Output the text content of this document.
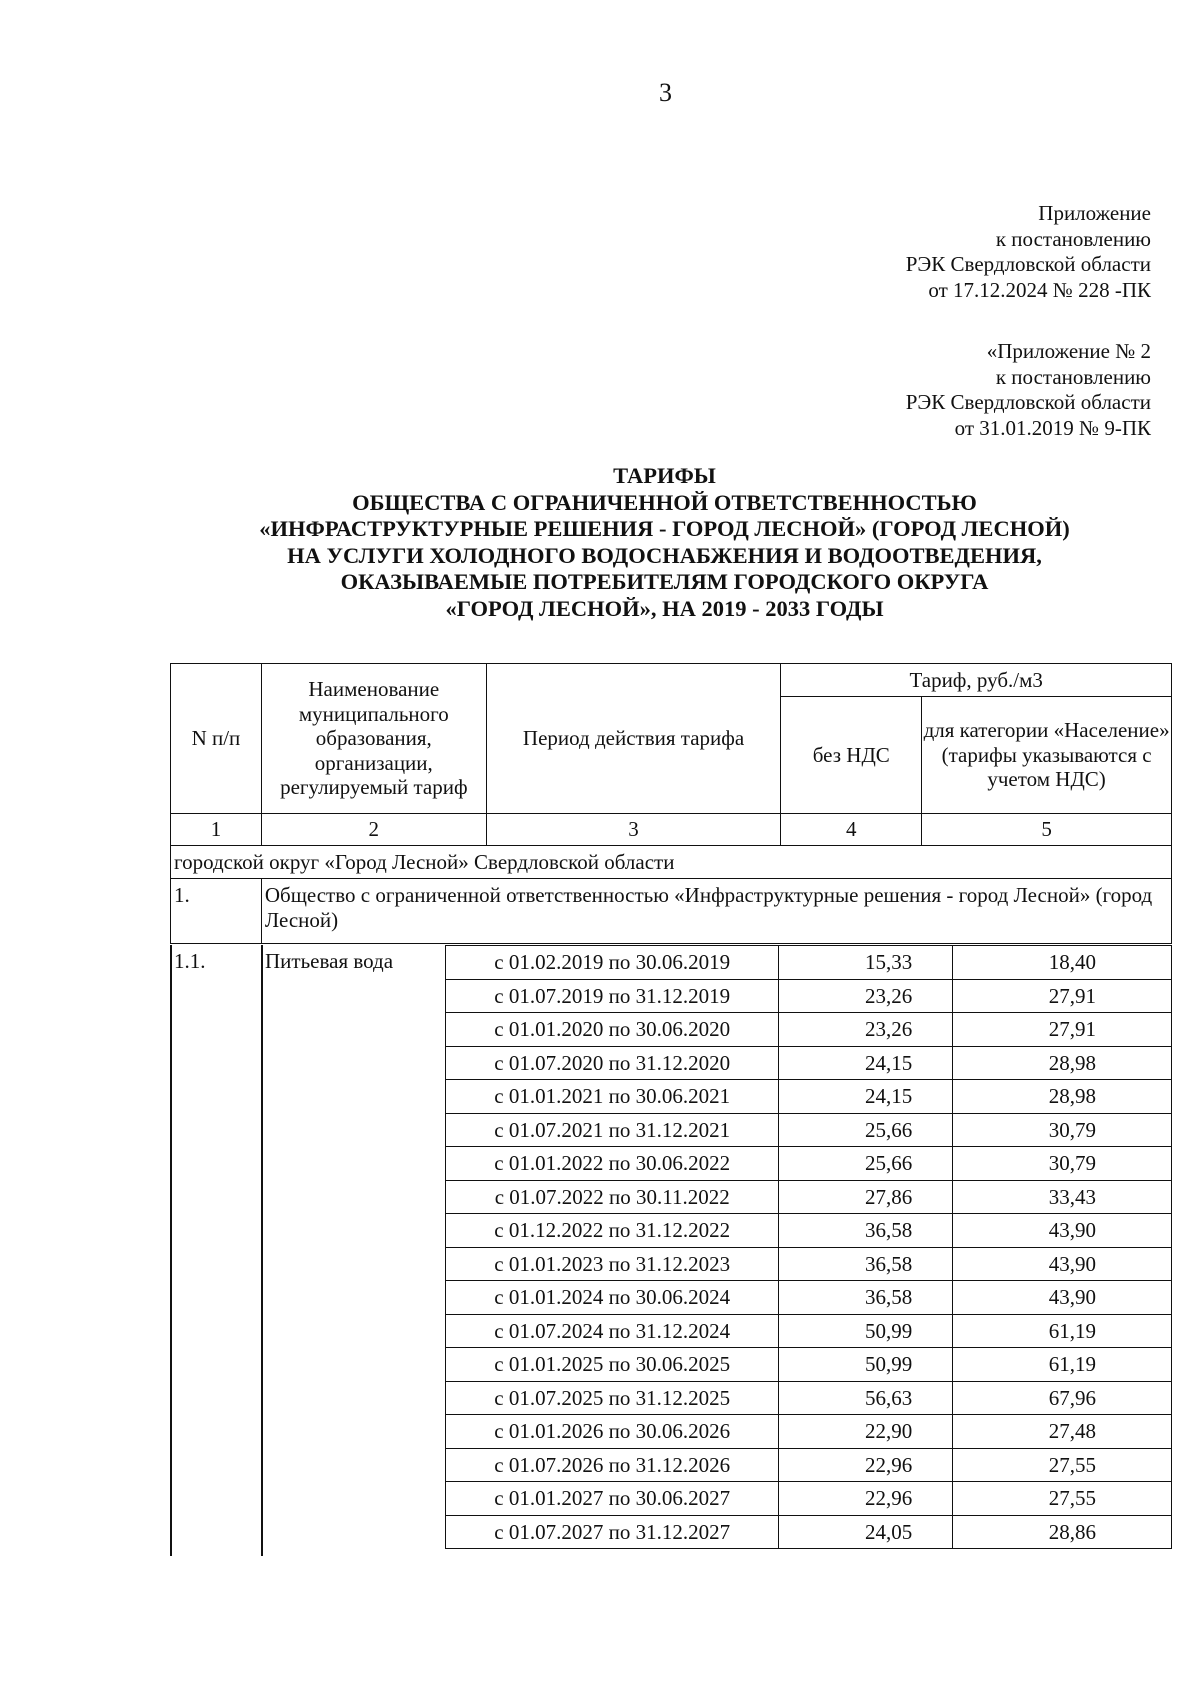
3
Приложение
к постановлению
РЭК Свердловской области
от 17.12.2024 № 228 -ПК
«Приложение № 2
к постановлению
РЭК Свердловской области
от 31.01.2019 № 9-ПК
ТАРИФЫ
ОБЩЕСТВА С ОГРАНИЧЕННОЙ ОТВЕТСТВЕННОСТЬЮ
«ИНФРАСТРУКТУРНЫЕ РЕШЕНИЯ - ГОРОД ЛЕСНОЙ» (ГОРОД ЛЕСНОЙ)
НА УСЛУГИ ХОЛОДНОГО ВОДОСНАБЖЕНИЯ И ВОДООТВЕДЕНИЯ,
ОКАЗЫВАЕМЫЕ ПОТРЕБИТЕЛЯМ ГОРОДСКОГО ОКРУГА
«ГОРОД ЛЕСНОЙ», НА 2019 - 2033 ГОДЫ
N п/п	Наименование муниципального образования, организации, регулируемый тариф	Период действия тарифа	Тариф, руб./м3	
			без НДС	для категории «Население» (тарифы указываются с учетом НДС)
1	2	3	4	5
городской округ «Город Лесной» Свердловской области				
1.	Общество с ограниченной ответственностью «Инфраструктурные решения - город Лесной» (город Лесной)			
1.1.	Питьевая вода	с 01.02.2019 по 30.06.2019	15,33	18,40
с 01.07.2019 по 31.12.2019	23,26	27,91
с 01.01.2020 по 30.06.2020	23,26	27,91
с 01.07.2020 по 31.12.2020	24,15	28,98
с 01.01.2021 по 30.06.2021	24,15	28,98
с 01.07.2021 по 31.12.2021	25,66	30,79
с 01.01.2022 по 30.06.2022	25,66	30,79
с 01.07.2022 по 30.11.2022	27,86	33,43
с 01.12.2022 по 31.12.2022	36,58	43,90
с 01.01.2023 по 31.12.2023	36,58	43,90
с 01.01.2024 по 30.06.2024	36,58	43,90
с 01.07.2024 по 31.12.2024	50,99	61,19
с 01.01.2025 по 30.06.2025	50,99	61,19
с 01.07.2025 по 31.12.2025	56,63	67,96
с 01.01.2026 по 30.06.2026	22,90	27,48
с 01.07.2026 по 31.12.2026	22,96	27,55
с 01.01.2027 по 30.06.2027	22,96	27,55
с 01.07.2027 по 31.12.2027	24,05	28,86
